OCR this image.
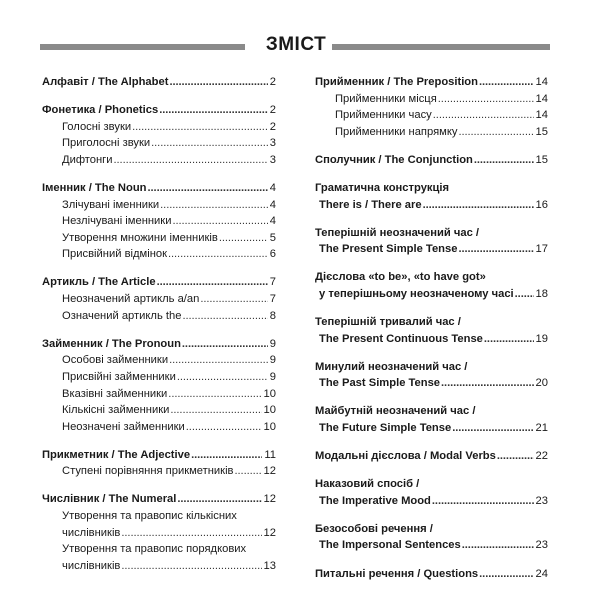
ЗМІСТ
Алфавіт / The Alphabet . . .	2
Фонетика / Phonetics . . .	2
Голосні звуки . . .	2
Приголосні звуки . . .	3
Дифтонги . . .	3
Іменник / The Noun . . .	4
Злічувані іменники . . .	4
Незлічувані іменники . . .	4
Утворення множини іменників . . .	5
Присвійний відмінок . . .	6
Артикль / The Article . . .	7
Неозначений артикль a/an . . .	7
Означений артикль the . . .	8
Займенник / The Pronoun . . .	9
Особові займенники . . .	9
Присвійні займенники . . .	9
Вказівні займенники . . .	10
Кількісні займенники . . .	10
Неозначені займенники . . .	10
Прикметник / The Adjective . . .	11
Ступені порівняння прикметників . . .	12
Числівник / The Numeral . . .	12
Утворення та правопис кількісних
числівників . . .	12
Утворення та правопис порядкових
числівників . . .	13
Прийменник / The Preposition . . .	14
Прийменники місця . . .	14
Прийменники часу . . .	14
Прийменники напрямку . . .	15
Сполучник / The Conjunction . . .	15
Граматична конструкція
There is / There are . . .	16
Теперішній неозначений час /
The Present Simple Tense . . .	17
Дієслова «to be», «to have got»
у теперішньому неозначеному часі . . . 18
Теперішній тривалий час /
The Present Continuous Tense . . .	19
Минулий неозначений час /
The Past Simple Tense . . .	20
Майбутній неозначений час /
The Future Simple Tense . . .	21
Модальні дієслова / Modal Verbs . . .	22
Наказовий спосіб /
The Imperative Mood . . .	23
Безособові речення /
The Impersonal Sentences . . .	23
Питальні речення / Questions . . .	24
